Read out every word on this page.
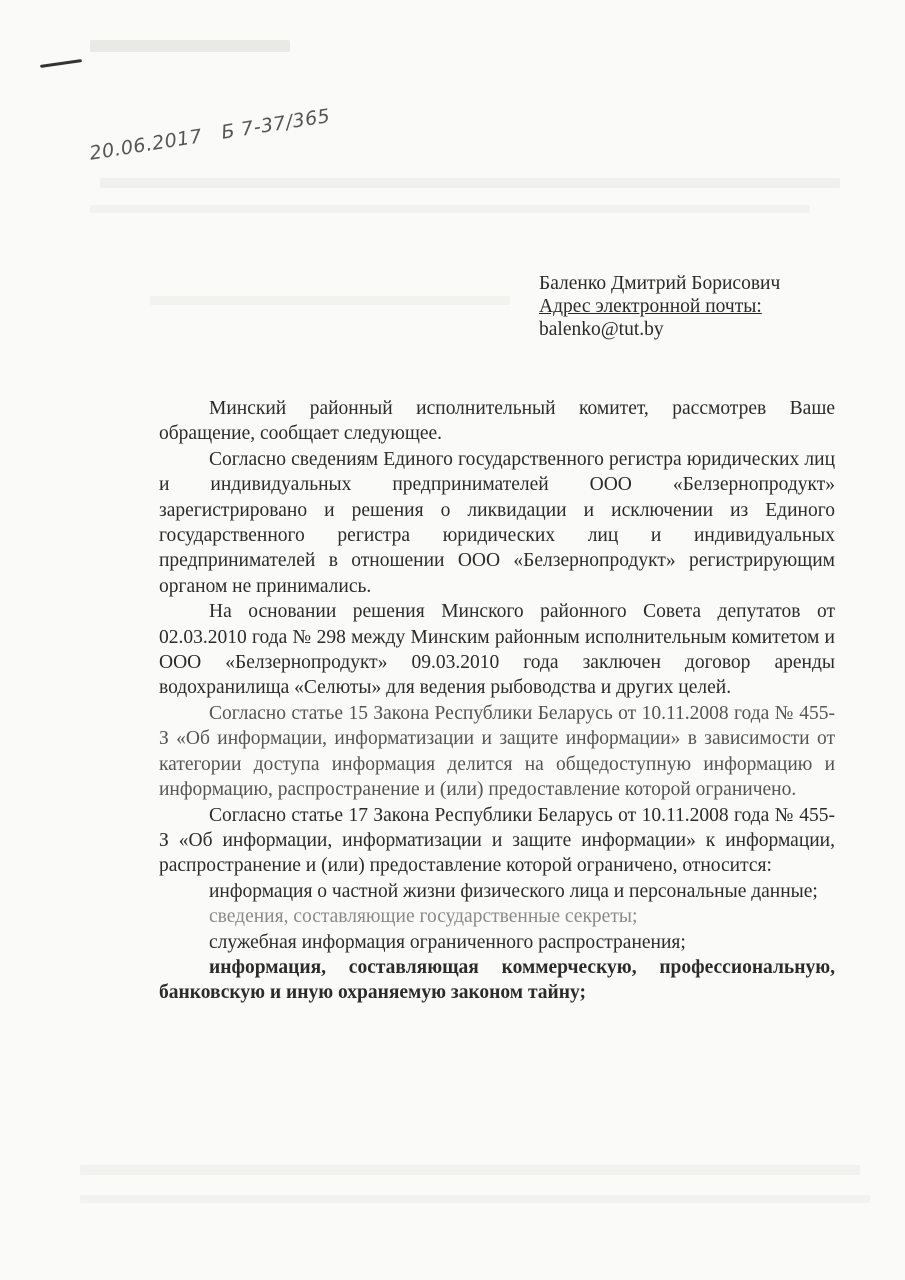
20.06.2017   Б 7-37/365
Баленко Дмитрий Борисович
Адрес электронной почты:
balenko@tut.by

Минский районный исполнительный комитет, рассмотрев Ваше обращение, сообщает следующее.

Согласно сведениям Единого государственного регистра юридических лиц и индивидуальных предпринимателей ООО «Белзернопродукт» зарегистрировано и решения о ликвидации и исключении из Единого государственного регистра юридических лиц и индивидуальных предпринимателей в отношении ООО «Белзернопродукт» регистрирующим органом не принимались.

На основании решения Минского районного Совета депутатов от 02.03.2010 года № 298 между Минским районным исполнительным комитетом и ООО «Белзернопродукт» 09.03.2010 года заключен договор аренды водохранилища «Селюты» для ведения рыбоводства и других целей.

Согласно статье 15 Закона Республики Беларусь от 10.11.2008 года № 455-З «Об информации, информатизации и защите информации» в зависимости от категории доступа информация делится на общедоступную информацию и информацию, распространение и (или) предоставление которой ограничено.

Согласно статье 17 Закона Республики Беларусь от 10.11.2008 года № 455-З «Об информации, информатизации и защите информации» к информации, распространение и (или) предоставление которой ограничено, относится:

информация о частной жизни физического лица и персональные данные;

сведения, составляющие государственные секреты;

служебная информация ограниченного распространения;

информация, составляющая коммерческую, профессиональную, банковскую и иную охраняемую законом тайну;
